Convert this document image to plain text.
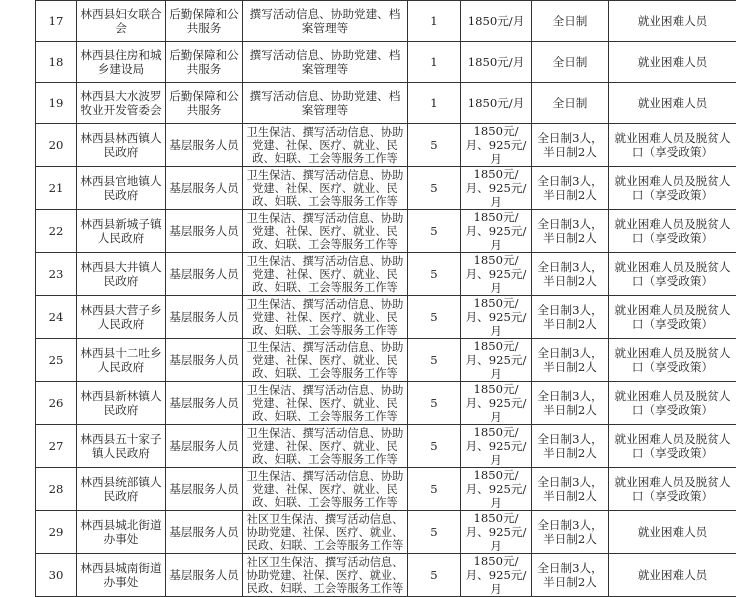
17	林西县妇女联合会	后勤保障和公共服务	撰写活动信息、协助党建、档案管理等	1	1850元/月	全日制	就业困难人员
18	林西县住房和城乡建设局	后勤保障和公共服务	撰写活动信息、协助党建、档案管理等	1	1850元/月	全日制	就业困难人员
19	林西县大水波罗牧业开发管委会	后勤保障和公共服务	撰写活动信息、协助党建、档案管理等	1	1850元/月	全日制	就业困难人员
20	林西县林西镇人民政府	基层服务人员	卫生保洁、撰写活动信息、协助党建、社保、医疗、就业、民政、妇联、工会等服务工作等	5	1850元/月、925元/月	全日制3人，半日制2人	就业困难人员及脱贫人口（享受政策）
21	林西县官地镇人民政府	基层服务人员	卫生保洁、撰写活动信息、协助党建、社保、医疗、就业、民政、妇联、工会等服务工作等	5	1850元/月、925元/月	全日制3人，半日制2人	就业困难人员及脱贫人口（享受政策）
22	林西县新城子镇人民政府	基层服务人员	卫生保洁、撰写活动信息、协助党建、社保、医疗、就业、民政、妇联、工会等服务工作等	5	1850元/月、925元/月	全日制3人，半日制2人	就业困难人员及脱贫人口（享受政策）
23	林西县大井镇人民政府	基层服务人员	卫生保洁、撰写活动信息、协助党建、社保、医疗、就业、民政、妇联、工会等服务工作等	5	1850元/月、925元/月	全日制3人，半日制2人	就业困难人员及脱贫人口（享受政策）
24	林西县大营子乡人民政府	基层服务人员	卫生保洁、撰写活动信息、协助党建、社保、医疗、就业、民政、妇联、工会等服务工作等	5	1850元/月、925元/月	全日制3人，半日制2人	就业困难人员及脱贫人口（享受政策）
25	林西县十二吐乡人民政府	基层服务人员	卫生保洁、撰写活动信息、协助党建、社保、医疗、就业、民政、妇联、工会等服务工作等	5	1850元/月、925元/月	全日制3人，半日制2人	就业困难人员及脱贫人口（享受政策）
26	林西县新林镇人民政府	基层服务人员	卫生保洁、撰写活动信息、协助党建、社保、医疗、就业、民政、妇联、工会等服务工作等	5	1850元/月、925元/月	全日制3人，半日制2人	就业困难人员及脱贫人口（享受政策）
27	林西县五十家子镇人民政府	基层服务人员	卫生保洁、撰写活动信息、协助党建、社保、医疗、就业、民政、妇联、工会等服务工作等	5	1850元/月、925元/月	全日制3人，半日制2人	就业困难人员及脱贫人口（享受政策）
28	林西县统部镇人民政府	基层服务人员	卫生保洁、撰写活动信息、协助党建、社保、医疗、就业、民政、妇联、工会等服务工作等	5	1850元/月、925元/月	全日制3人，半日制2人	就业困难人员及脱贫人口（享受政策）
29	林西县城北街道办事处	基层服务人员	社区卫生保洁、撰写活动信息、协助党建、社保、医疗、就业、民政、妇联、工会等服务工作等	5	1850元/月、925元/月	全日制3人，半日制2人	就业困难人员
30	林西县城南街道办事处	基层服务人员	社区卫生保洁、撰写活动信息、协助党建、社保、医疗、就业、民政、妇联、工会等服务工作等	5	1850元/月、925元/月	全日制3人，半日制2人	就业困难人员
